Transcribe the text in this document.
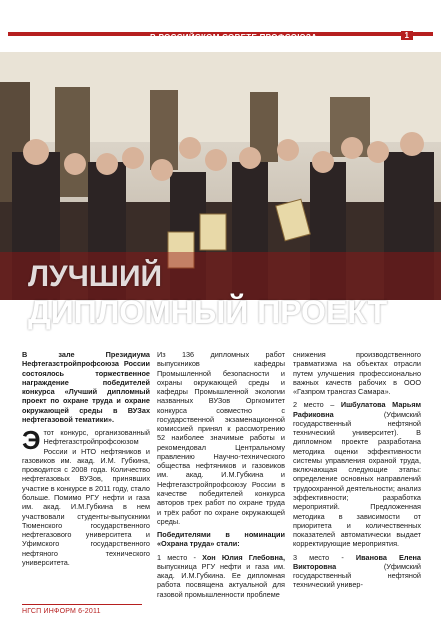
В РОССИЙСКОМ СОВЕТЕ ПРОФСОЮЗА	1
ЛУЧШИЙ
ДИПЛОМНЫЙ ПРОЕКТ

В зале Президиума Нефтегазстройпрофсоюза России состоялось торжественное награждение победителей конкурса «Лучший дипломный проект по охране труда и охране окружающей среды в ВУЗах нефтегазовой тематики».

Этот конкурс, организованный Нефтегазстройпрофсоюзом России и НТО нефтяников и газовиков им. акад. И.М. Губкина, проводится с 2008 года. Количество нефтегазовых ВУЗов, принявших участие в конкурсе в 2011 году, стало больше. Помимо РГУ нефти и газа им. акад. И.М.Губкина в нем участвовали студенты-выпускники Тюменского государственного нефтегазового университета и Уфимского государственного нефтяного технического университета.

Из 136 дипломных работ выпускников кафедры Промышленной безопасности и охраны окружающей среды и кафедры Промышленной экологии названных ВУЗов Оргкомитет конкурса совместно с государственной экзаменационной комиссией принял к рассмотрению 52 наиболее значимые работы и рекомендовал Центральному правлению Научно-технического общества нефтяников и газовиков им. акад. И.М.Губкина и Нефтегазстройпрофсоюзу России в качестве победителей конкурса авторов трех работ по охране труда и трёх работ по охране окружающей среды.

Победителями в номинации «Охрана труда» стали:

1 место - Хон Юлия Глебовна, выпускница РГУ нефти и газа им. акад. И.М.Губкина. Ее дипломная работа посвящена актуальной для газовой промышленности проблеме

снижения производственного травматизма на объектах отрасли путем улучшения профессионально важных качеств рабочих в ООО «Газпром трансгаз Самара».

2 место – Ишбулатова Марьям Рафиковна	(Уфимский государственный нефтяной технический университет). В дипломном проекте разработана методика оценки эффективности системы управления охраной труда, включающая следующие этапы: определение основных направлений трудоохранной деятельности; анализ эффективности; разработка мероприятий. Предложенная методика в зависимости от приоритета и количественных показателей автоматически выдает корректирующие мероприятия.

3 место - Иванова Елена Викторовна	(Уфимский государственный нефтяной технический универ-

НГСП ИНФОРМ 6-2011
